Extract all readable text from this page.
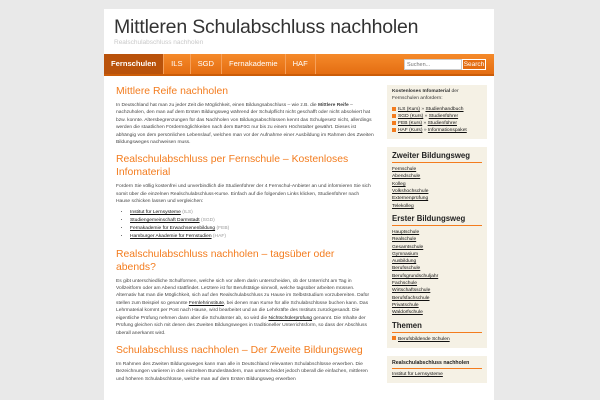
Mittleren Schulabschluss nachholen
Realschulabschluss nachholen
Fernschulen	ILS	SGD	Fernakademie	HAF
Suchen...	Search
Mittlere Reife nachholen

In Deutschland hat man zu jeder Zeit die Möglichkeit, einen Bildungsabschluss – wie z.B. die Mittlere Reife – nachzuholen, den man auf dem Ersten Bildungsweg während der Schulpflicht nicht geschafft oder nicht absolviert hat bzw. konnte. Altersbegrenzungen für das Nachholen von Bildungsabschlüssen kennt das Schulgesetz nicht, allerdings werden die staatlichen Fördermöglichkeiten nach dem BaFöG nur bis zu einem Höchstalter gewährt. Dieses ist abhängig von dem persönlichen Lebenslauf, welchen man vor der Aufnahme einer Ausbildung im Rahmen des Zweiten Bildungsweges nachweisen muss.

Realschulabschluss per Fernschule – Kostenloses Infomaterial

Fordern Sie völlig kostenfrei und unverbindlich die Studienführer der 4 Fernschul-Anbieter an und informieren Sie sich somit über die einzelnen Realschulabschluss-Kurse. Einfach auf die folgenden Links klicken, Studienführer nach Hause schicken lassen und vergleichen:

• Institut für Lernsysteme (ILS)
• Studiengemeinschaft Darmstadt (SGD)
• Fernakademie für Erwachsenenbildung (FEB)
• Hamburger Akademie für Fernstudien (HAF)
Realschulabschluss nachholen – tagsüber oder abends?

Es gibt unterschiedliche Schulformen, welche sich vor allem darin unterscheiden, ob der Unterricht am Tag in Vollzeitform oder am Abend stattfindet. Letztere ist für Berufstätige sinnvoll, welche tagsüber arbeiten müssen. Alternativ hat man die Möglichkeit, sich auf den Realschulabschluss zu Hause im Selbststudium vorzubereiten. Dafür stellen zum Beispiel so genannte Fernlehrinstitute, bei denen man Kurse für alle Schulabschlüsse buchen kann. Das Lehrmaterial kommt per Post nach Hause, wird bearbeitet und an die Lehrkräfte des Instituts zurückgesandt. Die eigentliche Prüfung nehmen dann aber die Schulämter ab, so wird die Nichtschülerprüfung genannt. Die Inhalte der Prüfung gleichen sich mit denen des Zweiten Bildungsweges in traditioneller Unterrichtsform, so dass der Abschluss überall anerkannt wird.

Schulabschluss nachholen – Der Zweite Bildungsweg

Im Rahmen des Zweiten Bildungsweges kann man alle in Deutschland relevanten Schulabschlüsse erwerben. Die Bezeichnungen variieren in den einzelnen Bundesländern, man unterscheidet jedoch überall die einfachen, mittleren und höheren Schulabschlüsse, welche man auf dem Ersten Bildungsweg erwerben

Kostenloses Infomaterial der Fernschulen anfordern:

ILS (Kurs) » Studienhandbuch
SGD (Kurs) » Studienführer
FEB (Kurs) » Studienführer
HAF (Kurs) » Informationspaket
Zweiter Bildungsweg
Fernschule
Abendschule
Kolleg
Volkshochschule
Externenprüfung
Telekolleg
Erster Bildungsweg
Hauptschule
Realschule
Gesamtschule
Gymnasium
Ausbildung
Berufsschule
Berufsgrundschuljahr
Fachschule
Wirtschaftsschule
Berufsfachschule
Privatschule
Waldorfschule
Themen
Berufsbildende Schulen
Realschulabschluss nachholen
Institut für Lernsysteme
